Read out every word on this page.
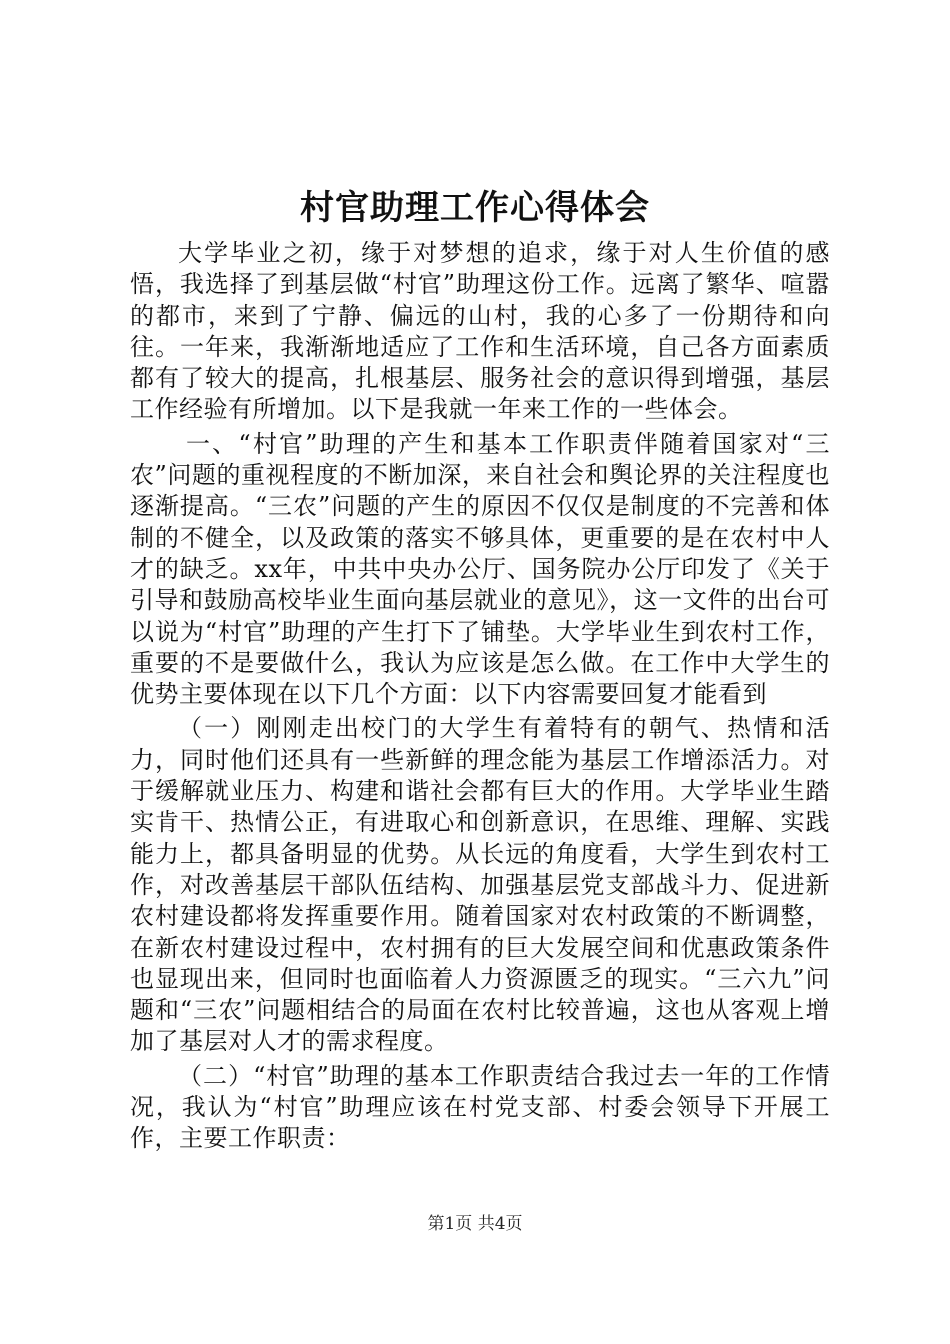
村官助理工作心得体会

大学毕业之初，缘于对梦想的追求，缘于对人生价值的感悟，我选择了到基层做“村官”助理这份工作。远离了繁华、喧嚣的都市，来到了宁静、偏远的山村，我的心多了一份期待和向往。一年来，我渐渐地适应了工作和生活环境，自己各方面素质都有了较大的提高，扎根基层、服务社会的意识得到增强，基层工作经验有所增加。以下是我就一年来工作的一些体会。

一、“村官”助理的产生和基本工作职责伴随着国家对“三农”问题的重视程度的不断加深，来自社会和舆论界的关注程度也逐渐提高。“三农”问题的产生的原因不仅仅是制度的不完善和体制的不健全，以及政策的落实不够具体，更重要的是在农村中人才的缺乏。xx年，中共中央办公厅、国务院办公厅印发了《关于引导和鼓励高校毕业生面向基层就业的意见》，这一文件的出台可以说为“村官”助理的产生打下了铺垫。大学毕业生到农村工作，重要的不是要做什么，我认为应该是怎么做。在工作中大学生的优势主要体现在以下几个方面：以下内容需要回复才能看到

（一）刚刚走出校门的大学生有着特有的朝气、热情和活力，同时他们还具有一些新鲜的理念能为基层工作增添活力。对于缓解就业压力、构建和谐社会都有巨大的作用。大学毕业生踏实肯干、热情公正，有进取心和创新意识，在思维、理解、实践能力上，都具备明显的优势。从长远的角度看，大学生到农村工作，对改善基层干部队伍结构、加强基层党支部战斗力、促进新农村建设都将发挥重要作用。随着国家对农村政策的不断调整，在新农村建设过程中，农村拥有的巨大发展空间和优惠政策条件也显现出来，但同时也面临着人力资源匮乏的现实。“三六九”问题和“三农”问题相结合的局面在农村比较普遍，这也从客观上增加了基层对人才的需求程度。

（二）“村官”助理的基本工作职责结合我过去一年的工作情况，我认为“村官”助理应该在村党支部、村委会领导下开展工作，主要工作职责：

第1页 共4页
